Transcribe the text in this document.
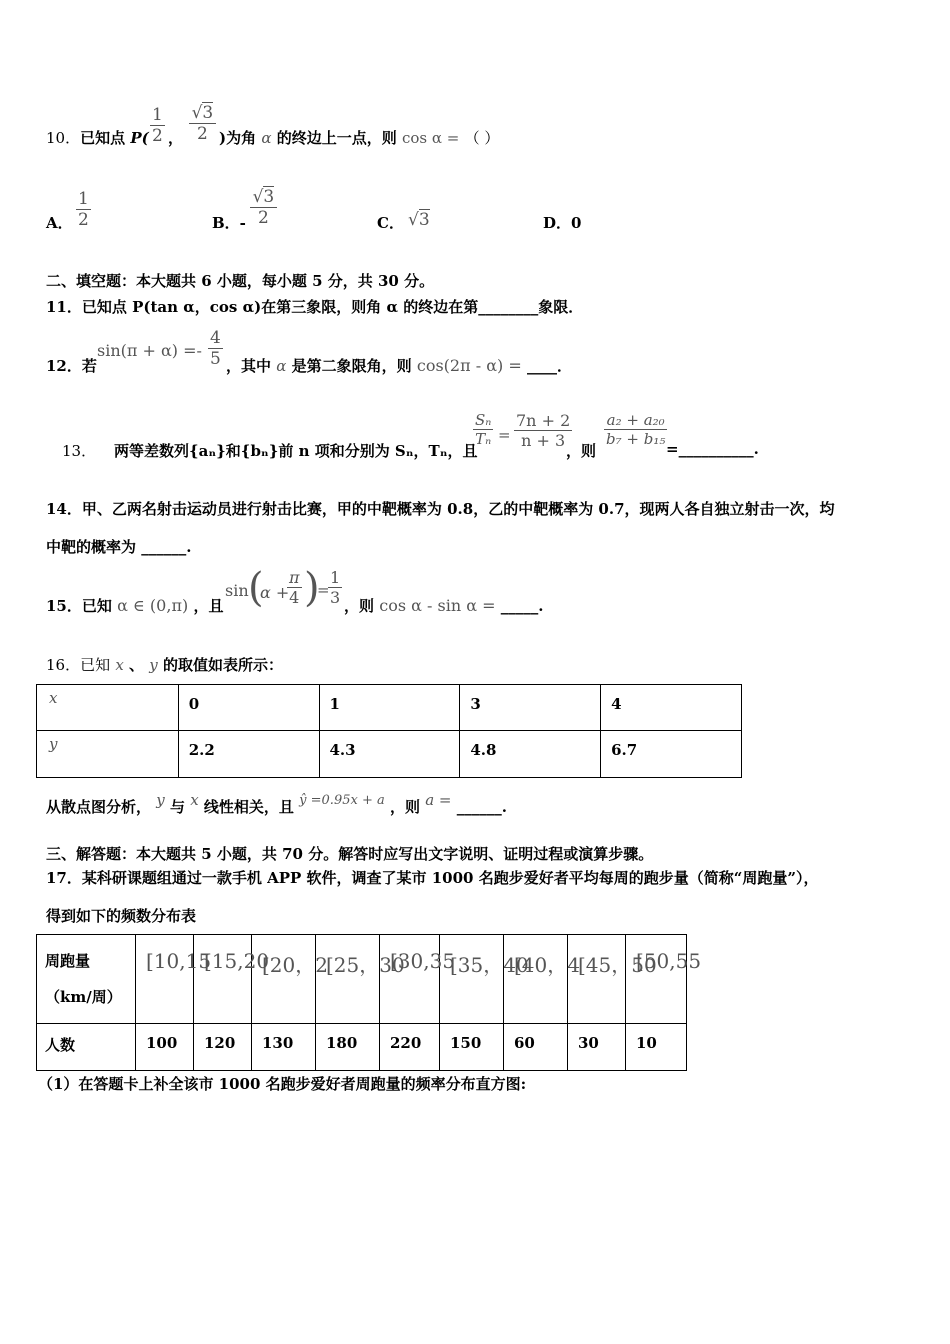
10．已知点 $P( \frac{1}{2}$ ， $\frac{√3}{2}$ )为角 α 的终边上一点，则 cos α = （ ）
A． $\frac{1}{2}$	B．- $\frac{√3}{2}$	C． √3	D．0
二、填空题：本大题共 6 小题，每小题 5 分，共 30 分。
11．已知点 P(tan α，cos α)在第三象限，则角 α 的终边在第________象限．
12．若
$\sin(\pi + \alpha) =- \frac{4}{5}$ ，其中 α 是第二象限角，则 cos(2π - α) = ____．
13． 两等差数列{aₙ}和{bₙ}前 n 项和分别为 Sₙ，Tₙ，且
$\frac{\text{Sₙ}}{\text{Tₙ}} = \frac{7n + 2}{n + 3}$
，则
$\frac{\text{a₂ + a₂₀}}{\text{b₇ + b₁₅}}$
=__________.
14．甲、乙两名射击运动员进行射击比赛，甲的中靶概率为 0.8，乙的中靶概率为 0.7，现两人各自独立射击一次，均
中靶的概率为 ______.
15．已知 α ∈ (0,π) ，且
sin (
α +
$\frac{\pi}{4}$ )
=
$\frac{1}{3}$ ，则 cos α - sin α = _____.
16．已知 x 、 y 的取值如表所示：
x	0	1	3	4
y	2.2	4.3	4.8	6.7
从散点图分析， y 与 x 线性相关，且 ŷ =0.95x + a ，则 a = ______.
三、解答题：本大题共 5 小题，共 70 分。解答时应写出文字说明、证明过程或演算步骤。
17．某科研课题组通过一款手机 APP 软件，调查了某市 1000 名跑步爱好者平均每周的跑步量（简称“周跑量”），
得到如下的频数分布表
周跑量
（km/周）	[10,15	[15,20	[20，2	[25，30	[30,35	[35，40	[40，4	[45，50	[50,55
人数	100	120	130	180	220	150	60	30	10
（1）在答题卡上补全该市 1000 名跑步爱好者周跑量的频率分布直方图:
